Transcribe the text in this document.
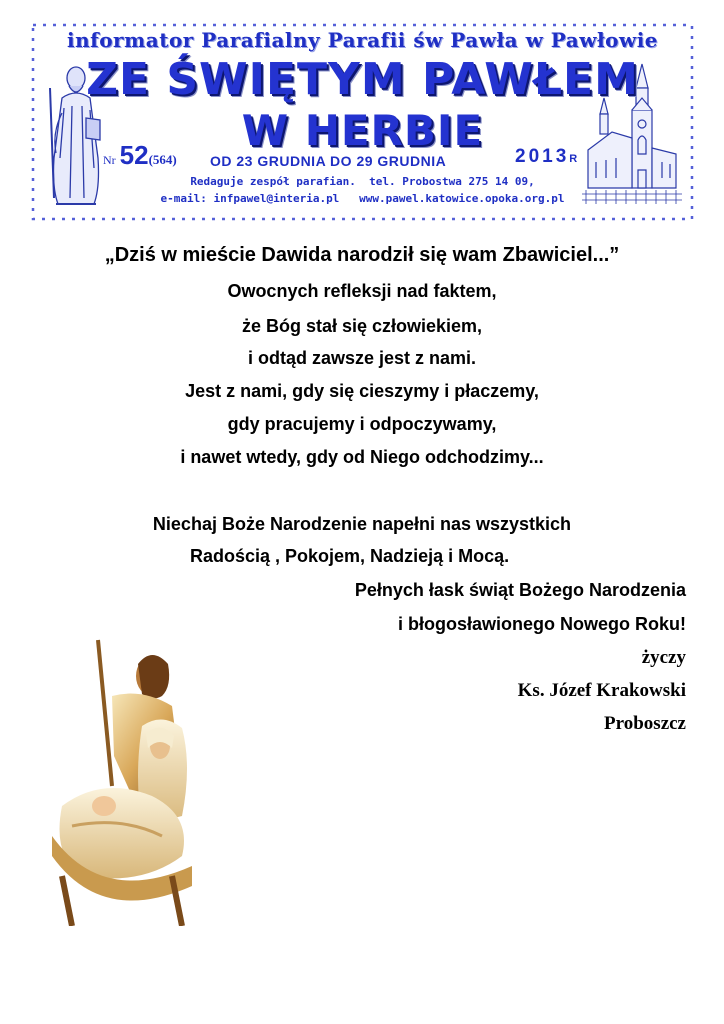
informator Parafialny Parafii św Pawła w Pawłowie
ZE ŚWIĘTYM PAWŁEM
W HERBIE
Nr 52(564) OD 23 GRUDNIA DO 29 GRUDNIA	2013R
Redaguje zespół parafian.  tel. Probostwa 275 14 09,
e-mail: infpawel@interia.pl   www.pawel.katowice.opoka.org.pl
„Dziś w mieście Dawida narodził się wam Zbawiciel...”
Owocnych refleksji nad faktem,
że Bóg stał się człowiekiem,
i odtąd zawsze jest z nami.
Jest z nami, gdy się cieszymy i płaczemy,
gdy pracujemy i odpoczywamy,
i nawet wtedy, gdy od Niego odchodzimy...
Niechaj Boże Narodzenie napełni nas wszystkich
Radością , Pokojem, Nadzieją i Mocą.
Pełnych łask świąt Bożego Narodzenia
i błogosławionego Nowego Roku!
życzy
Ks. Józef Krakowski
Proboszcz
